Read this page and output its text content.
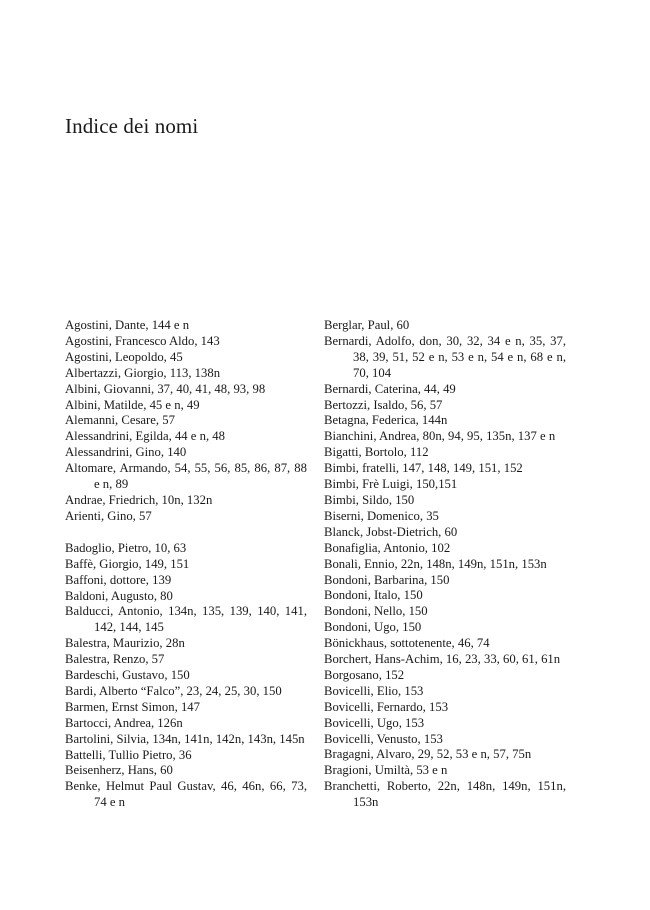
Indice dei nomi
Agostini, Dante, 144 e n
Agostini, Francesco Aldo, 143
Agostini, Leopoldo, 45
Albertazzi, Giorgio, 113, 138n
Albini, Giovanni, 37, 40, 41, 48, 93, 98
Albini, Matilde, 45 e n, 49
Alemanni, Cesare, 57
Alessandrini, Egilda, 44 e n, 48
Alessandrini, Gino, 140
Altomare, Armando, 54, 55, 56, 85, 86, 87, 88 e n, 89
Andrae, Friedrich, 10n, 132n
Arienti, Gino, 57
Badoglio, Pietro, 10, 63
Baffè, Giorgio, 149, 151
Baffoni, dottore, 139
Baldoni, Augusto, 80
Balducci, Antonio, 134n, 135, 139, 140, 141, 142, 144, 145
Balestra, Maurizio, 28n
Balestra, Renzo, 57
Bardeschi, Gustavo, 150
Bardi, Alberto “Falco”, 23, 24, 25, 30, 150
Barmen, Ernst Simon, 147
Bartocci, Andrea, 126n
Bartolini, Silvia, 134n, 141n, 142n, 143n, 145n
Battelli, Tullio Pietro, 36
Beisenherz, Hans, 60
Benke, Helmut Paul Gustav, 46, 46n, 66, 73, 74 e n
Berglar, Paul, 60
Bernardi, Adolfo, don, 30, 32, 34 e n, 35, 37, 38, 39, 51, 52 e n, 53 e n, 54 e n, 68 e n, 70, 104
Bernardi, Caterina, 44, 49
Bertozzi, Isaldo, 56, 57
Betagna, Federica, 144n
Bianchini, Andrea, 80n, 94, 95, 135n, 137 e n
Bigatti, Bortolo, 112
Bimbi, fratelli, 147, 148, 149, 151, 152
Bimbi, Frè Luigi, 150,151
Bimbi, Sildo, 150
Biserni, Domenico, 35
Blanck, Jobst-Dietrich, 60
Bonafiglia, Antonio, 102
Bonali, Ennio, 22n, 148n, 149n, 151n, 153n
Bondoni, Barbarina, 150
Bondoni, Italo, 150
Bondoni, Nello, 150
Bondoni, Ugo, 150
Bönickhaus, sottotenente, 46, 74
Borchert, Hans-Achim, 16, 23, 33, 60, 61, 61n
Borgosano, 152
Bovicelli, Elio, 153
Bovicelli, Fernardo, 153
Bovicelli, Ugo, 153
Bovicelli, Venusto, 153
Bragagni, Alvaro, 29, 52, 53 e n, 57, 75n
Bragioni, Umiltà, 53 e n
Branchetti, Roberto, 22n, 148n, 149n, 151n, 153n
